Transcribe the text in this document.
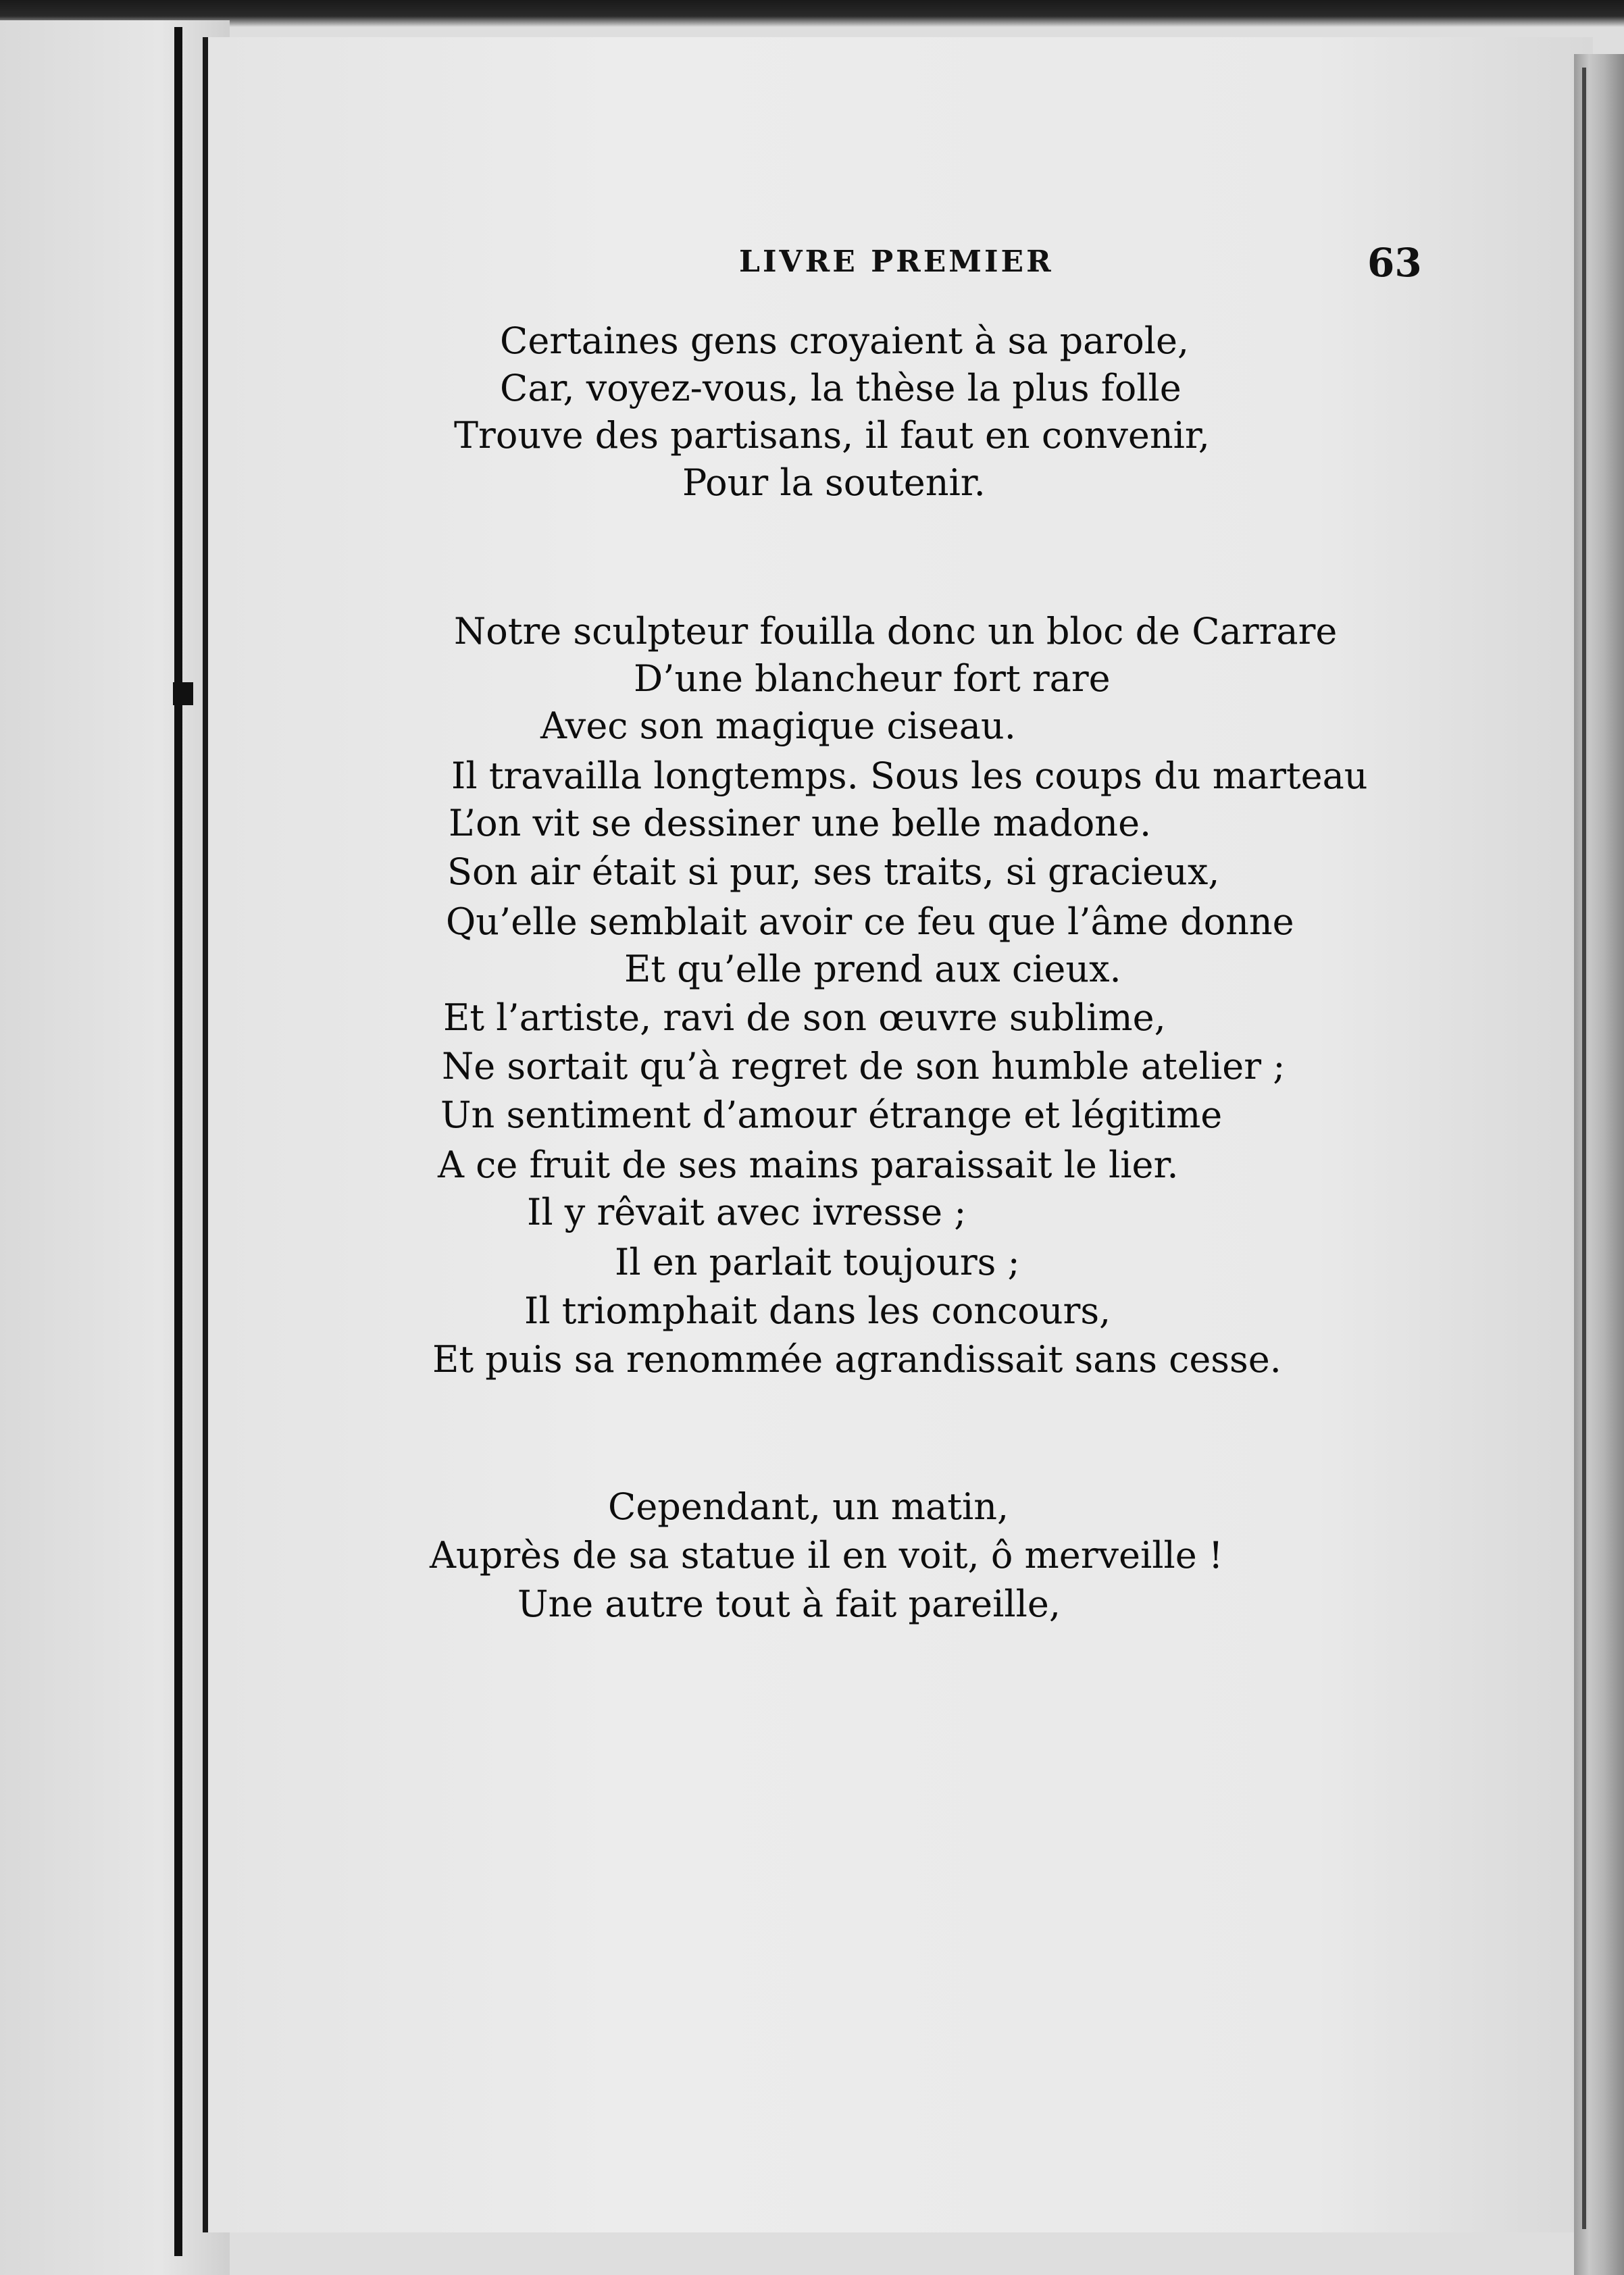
LIVRE PREMIER	63
Certaines gens croyaient à sa parole,
Car, voyez-vous, la thèse la plus folle
Trouve des partisans, il faut en convenir,
Pour la soutenir.
Notre sculpteur fouilla donc un bloc de Carrare
D’une blancheur fort rare
Avec son magique ciseau.
Il travailla longtemps. Sous les coups du marteau
L’on vit se dessiner une belle madone.
Son air était si pur, ses traits, si gracieux,
Qu’elle semblait avoir ce feu que l’âme donne
Et qu’elle prend aux cieux.
Et l’artiste, ravi de son œuvre sublime,
Ne sortait qu’à regret de son humble atelier ;
Un sentiment d’amour étrange et légitime
A ce fruit de ses mains paraissait le lier.
Il y rêvait avec ivresse ;
Il en parlait toujours ;
Il triomphait dans les concours,
Et puis sa renommée agrandissait sans cesse.
Cependant, un matin,
Auprès de sa statue il en voit, ô merveille !
Une autre tout à fait pareille,
